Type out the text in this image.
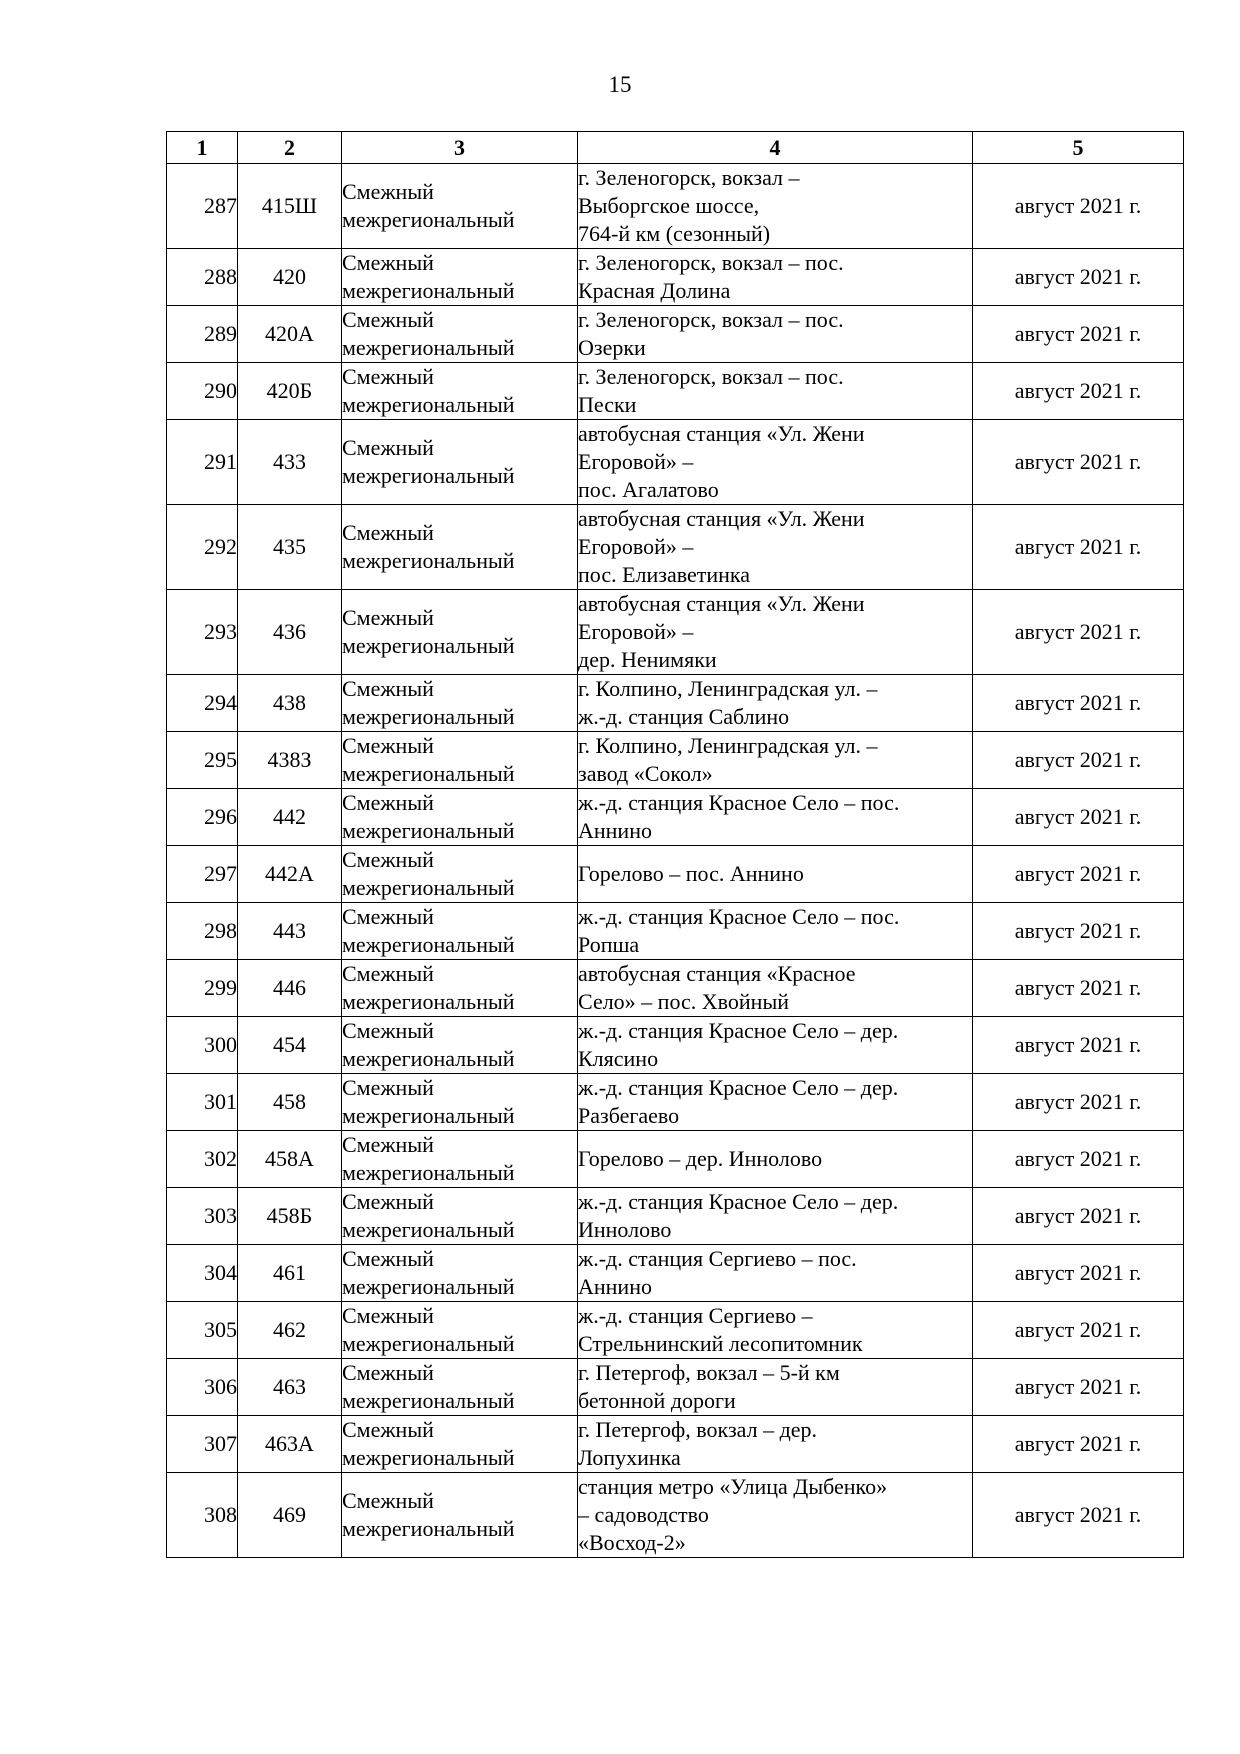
15
1	2	3	4	5
287	415Ш	Смежный
межрегиональный	г. Зеленогорск, вокзал –
Выборгское шоссе,
764-й км (сезонный)	август 2021 г.
288	420	Смежный
межрегиональный	г. Зеленогорск, вокзал – пос.
Красная Долина	август 2021 г.
289	420А	Смежный
межрегиональный	г. Зеленогорск, вокзал – пос.
Озерки	август 2021 г.
290	420Б	Смежный
межрегиональный	г. Зеленогорск, вокзал – пос.
Пески	август 2021 г.
291	433	Смежный
межрегиональный	автобусная станция «Ул. Жени
Егоровой» –
пос. Агалатово	август 2021 г.
292	435	Смежный
межрегиональный	автобусная станция «Ул. Жени
Егоровой» –
пос. Елизаветинка	август 2021 г.
293	436	Смежный
межрегиональный	автобусная станция «Ул. Жени
Егоровой» –
дер. Ненимяки	август 2021 г.
294	438	Смежный
межрегиональный	г. Колпино, Ленинградская ул. –
ж.-д. станция Саблино	август 2021 г.
295	438З	Смежный
межрегиональный	г. Колпино, Ленинградская ул. –
завод «Сокол»	август 2021 г.
296	442	Смежный
межрегиональный	ж.-д. станция Красное Село – пос.
Аннино	август 2021 г.
297	442А	Смежный
межрегиональный	Горелово – пос. Аннино	август 2021 г.
298	443	Смежный
межрегиональный	ж.-д. станция Красное Село – пос.
Ропша	август 2021 г.
299	446	Смежный
межрегиональный	автобусная станция «Красное
Село» – пос. Хвойный	август 2021 г.
300	454	Смежный
межрегиональный	ж.-д. станция Красное Село – дер.
Клясино	август 2021 г.
301	458	Смежный
межрегиональный	ж.-д. станция Красное Село – дер.
Разбегаево	август 2021 г.
302	458А	Смежный
межрегиональный	Горелово – дер. Иннолово	август 2021 г.
303	458Б	Смежный
межрегиональный	ж.-д. станция Красное Село – дер.
Иннолово	август 2021 г.
304	461	Смежный
межрегиональный	ж.-д. станция Сергиево – пос.
Аннино	август 2021 г.
305	462	Смежный
межрегиональный	ж.-д. станция Сергиево –
Стрельнинский лесопитомник	август 2021 г.
306	463	Смежный
межрегиональный	г. Петергоф, вокзал – 5-й км
бетонной дороги	август 2021 г.
307	463А	Смежный
межрегиональный	г. Петергоф, вокзал – дер.
Лопухинка	август 2021 г.
308	469	Смежный
межрегиональный	станция метро «Улица Дыбенко»
– садоводство
«Восход-2»	август 2021 г.
